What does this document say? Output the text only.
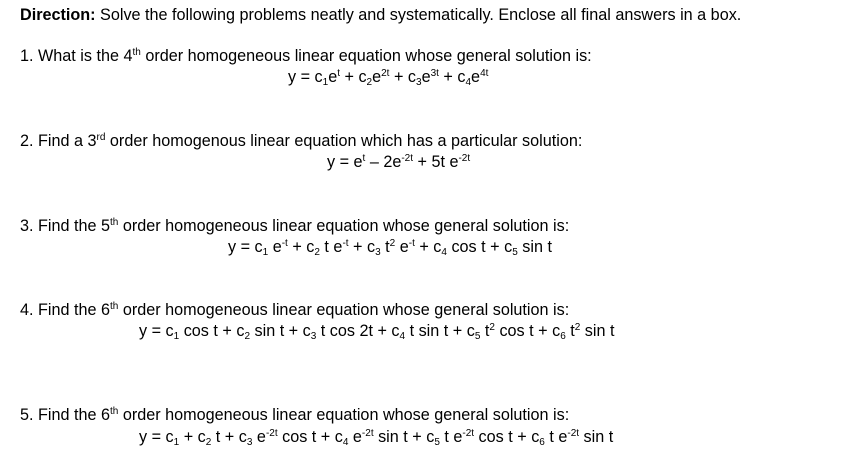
Direction: Solve the following problems neatly and systematically. Enclose all final answers in a box.
1. What is the 4th order homogeneous linear equation whose general solution is:
$y = c_1e^t + c_2e^{2t} + c_3e^{3t} + c_4e^{4t}$
2. Find a 3rd order homogenous linear equation which has a particular solution:
$y = e^t - 2e^{-2t} + 5t$ $e^{-2t}$
3. Find the 5th order homogeneous linear equation whose general solution is:
$y = c_1$ $e^{-t} + c_2$ t $e^{-t} + c_3$ $t^2$ $e^{-t} + c_4$ $\cos t + c_5$ sin t
4. Find the 6th order homogeneous linear equation whose general solution is:
$y = c_1$ $\cos t + c_2$ $\sin t + c_3$ t $\cos 2t + c_4$ t $\sin t + c_5$ $t^2$ $\cos t + c_6$ $t^2$ sin t
5. Find the 6th order homogeneous linear equation whose general solution is:
$y = c_1 + c_2$ $t + c_3$ $e^{-2t}$ $\cos t + c_4$ $e^{-2t}$ $\sin t + c_5$ t $e^{-2t}$ $\cos t + c_6$ t $e^{-2t}$ sin t
